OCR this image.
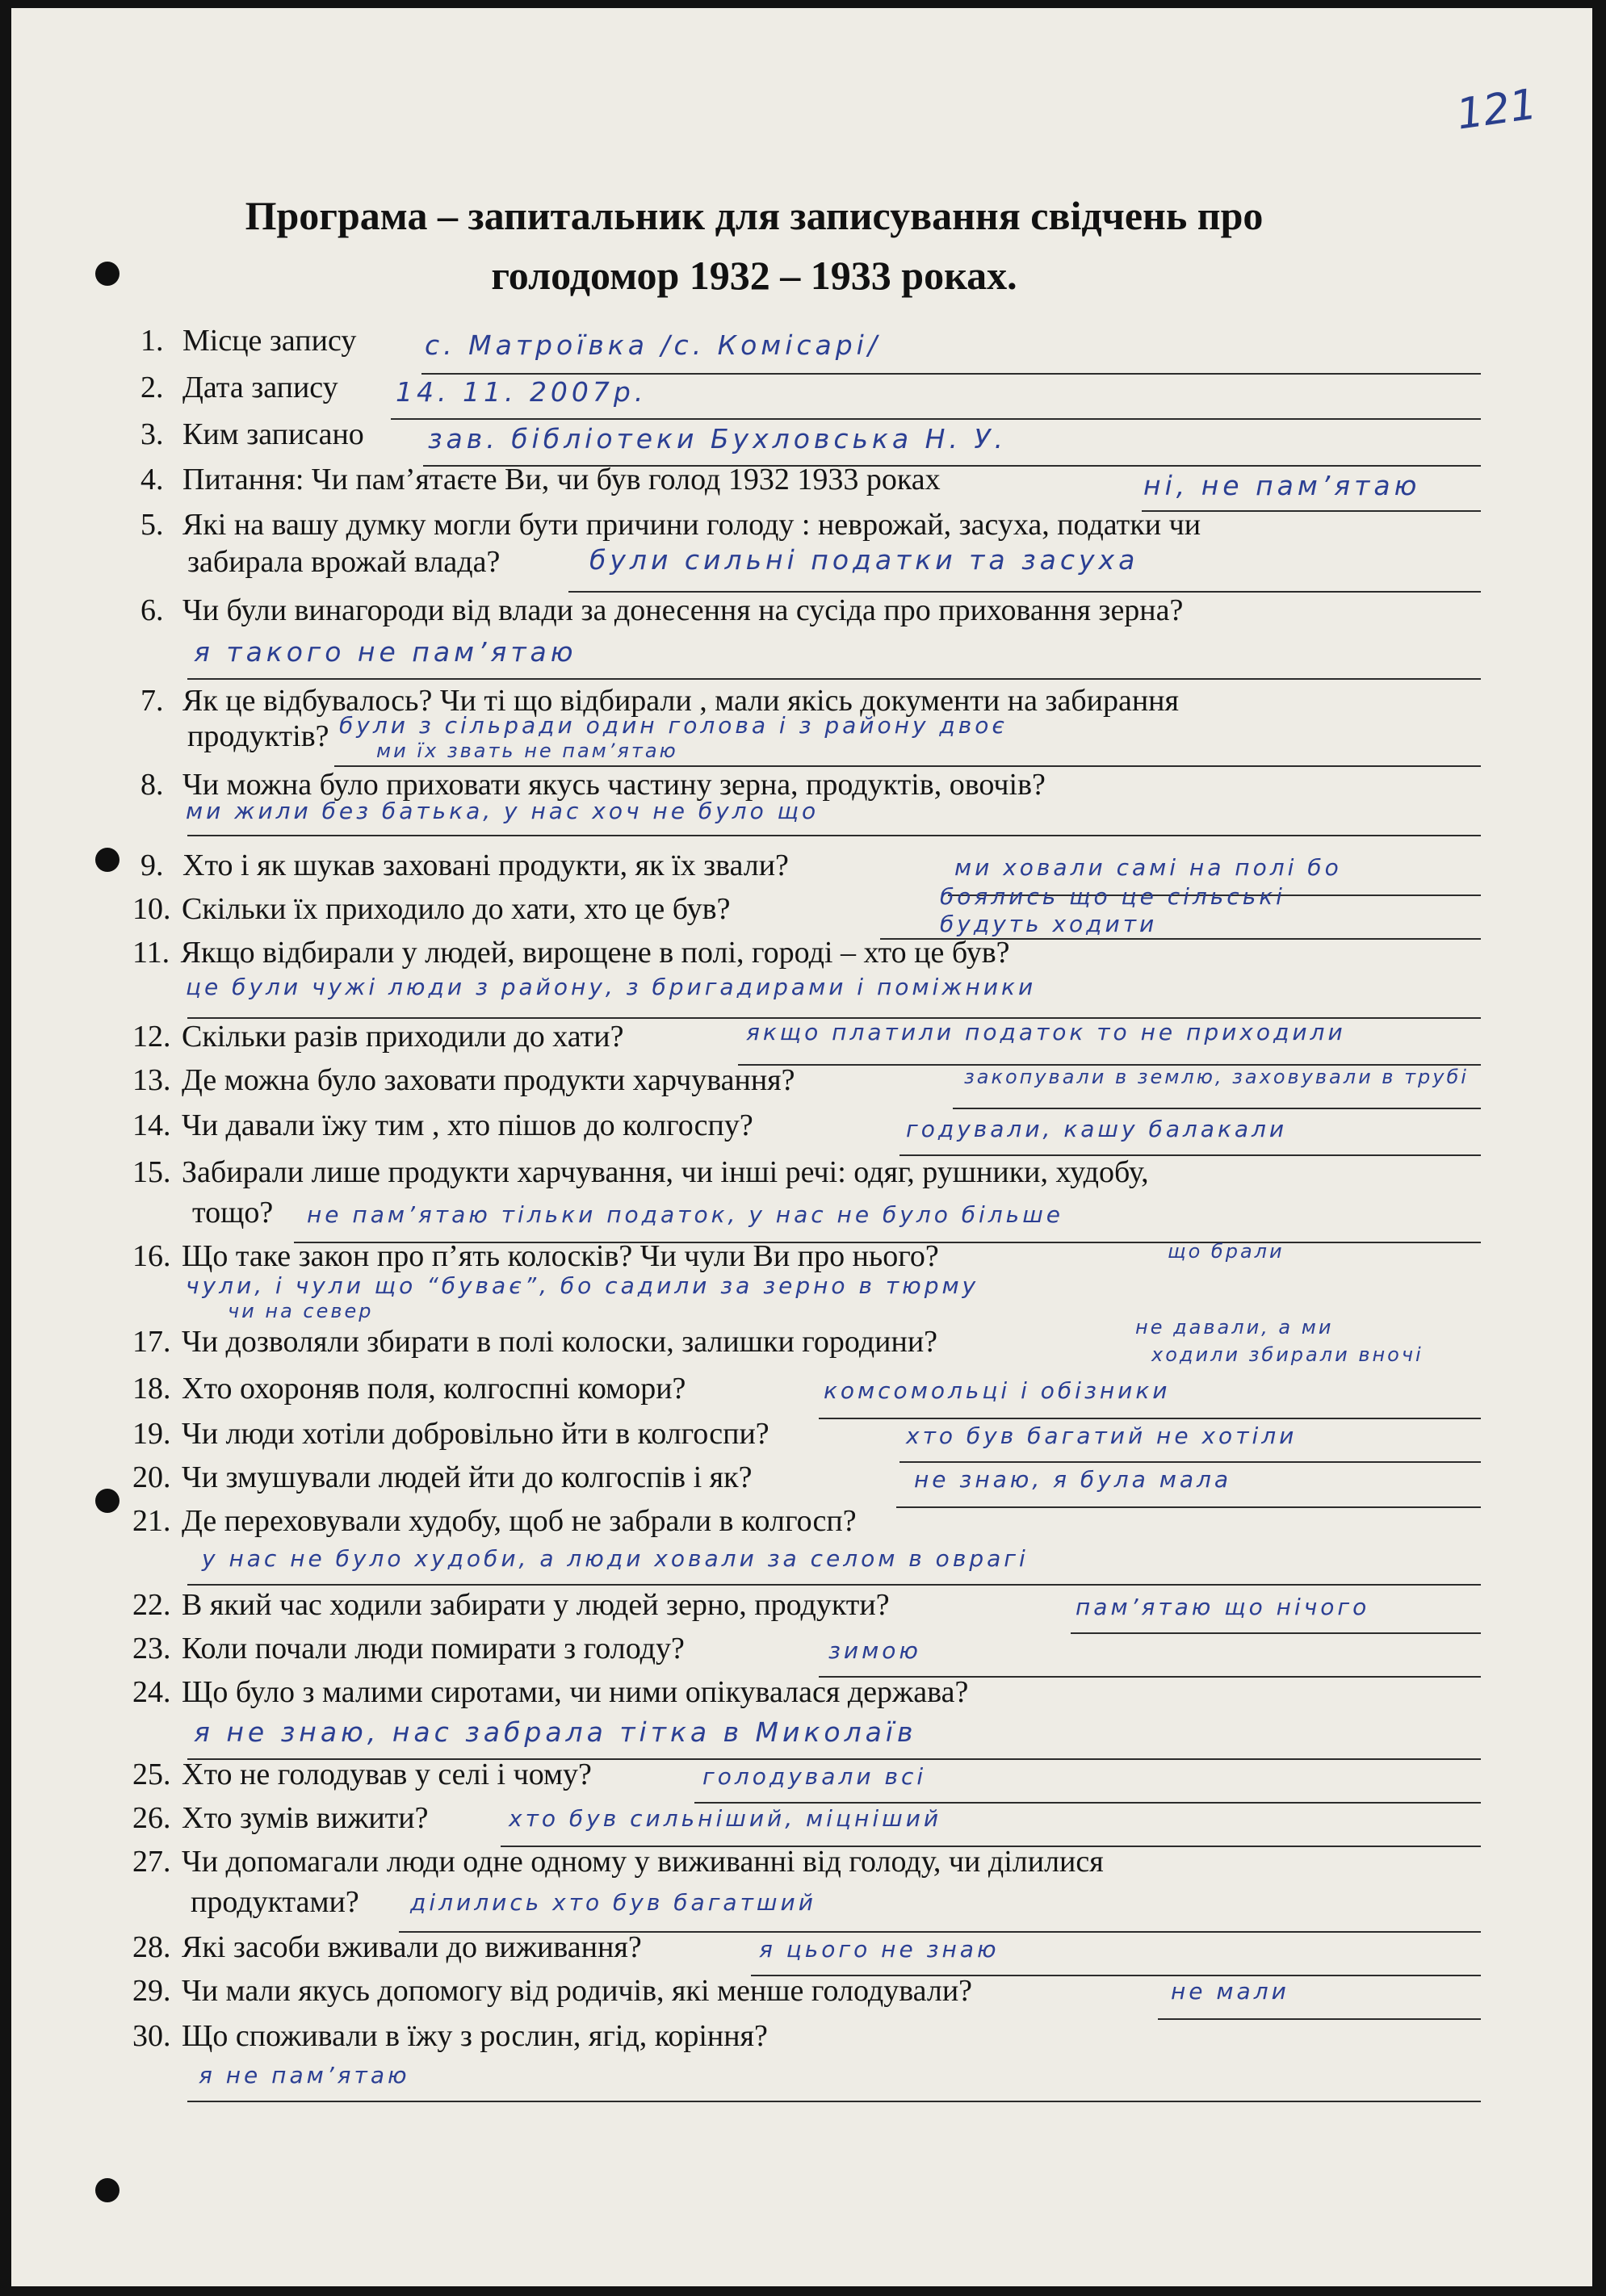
121
Програма – запитальник для записування свідчень про
голодомор 1932 – 1933 роках.
1. Місце запису	с. Матроївка /с. Комісарі/
2. Дата запису 14. 11. 2007р.
3. Ким записано зав. бібліотеки Бухловська Н. У.
4. Питання: Чи пам’ятаєте Ви, чи був голод 1932 1933 роках	ні, не пам’ятаю
5. Які на вашу думку могли бути причини голоду : неврожай, засуха, податки чи
забирала врожай влада?	були сильні податки та засуха
6. Чи були винагороди від влади за донесення на сусіда про приховання зерна?
я такого не пам’ятаю
7. Як це відбувалось? Чи ті що відбирали , мали якісь документи на забирання
продуктів? були з сільради один голова і з району двоє
ми їх звать не пам’ятаю
8. Чи можна було приховати якусь частину зерна, продуктів, овочів?
ми жили без батька, у нас хоч не було що
9. Хто і як шукав заховані продукти, як їх звали?	ми ховали самі на полі бо
10. Скільки їх приходило до хати, хто це був?	боялись що це сільські
будуть ходити
11. Якщо відбирали у людей, вирощене в полі, городі – хто це був?
це були чужі люди з району, з бригадирами і поміжники
12. Скільки разів приходили до хати?	якщо платили податок то не приходили
13. Де можна було заховати продукти харчування?	закопували в землю, заховували в трубі
14. Чи давали їжу тим , хто пішов до колгоспу?	годували, кашу балакали
15. Забирали лише продукти харчування, чи інші речі: одяг, рушники, худобу,
тощо? не пам’ятаю тільки податок, у нас не було більше
16. Що таке закон про п’ять колосків? Чи чули Ви про нього?	що брали
чули, і чули що “буває”, бо садили за зерно в тюрму
чи на север
17. Чи дозволяли збирати в полі колоски, залишки городини?	не давали, а ми
ходили збирали вночі
18. Хто охороняв поля, колгоспні комори?	комсомольці і обізники
19. Чи люди хотіли добровільно йти в колгоспи?	хто був багатий не хотіли
20. Чи змушували людей йти до колгоспів і як?	не знаю, я була мала
21. Де переховували худобу, щоб не забрали в колгосп?
у нас не було худоби, а люди ховали за селом в оврагі
22. В який час ходили забирати у людей зерно, продукти?	пам’ятаю що нічого
23. Коли почали люди помирати з голоду?	зимою
24. Що було з малими сиротами, чи ними опікувалася держава?
я не знаю, нас забрала тітка в Миколаїв
25. Хто не голодував у селі і чому?	голодували всі
26. Хто зумів вижити?	хто був сильніший, міцніший
27. Чи допомагали люди одне одному у виживанні від голоду, чи ділилися
продуктами? ділились хто був багатший
28. Які засоби вживали до виживання?	я цього не знаю
29. Чи мали якусь допомогу від родичів, які менше голодували?	не мали
30. Що споживали в їжу з рослин, ягід, коріння?
я не пам’ятаю
